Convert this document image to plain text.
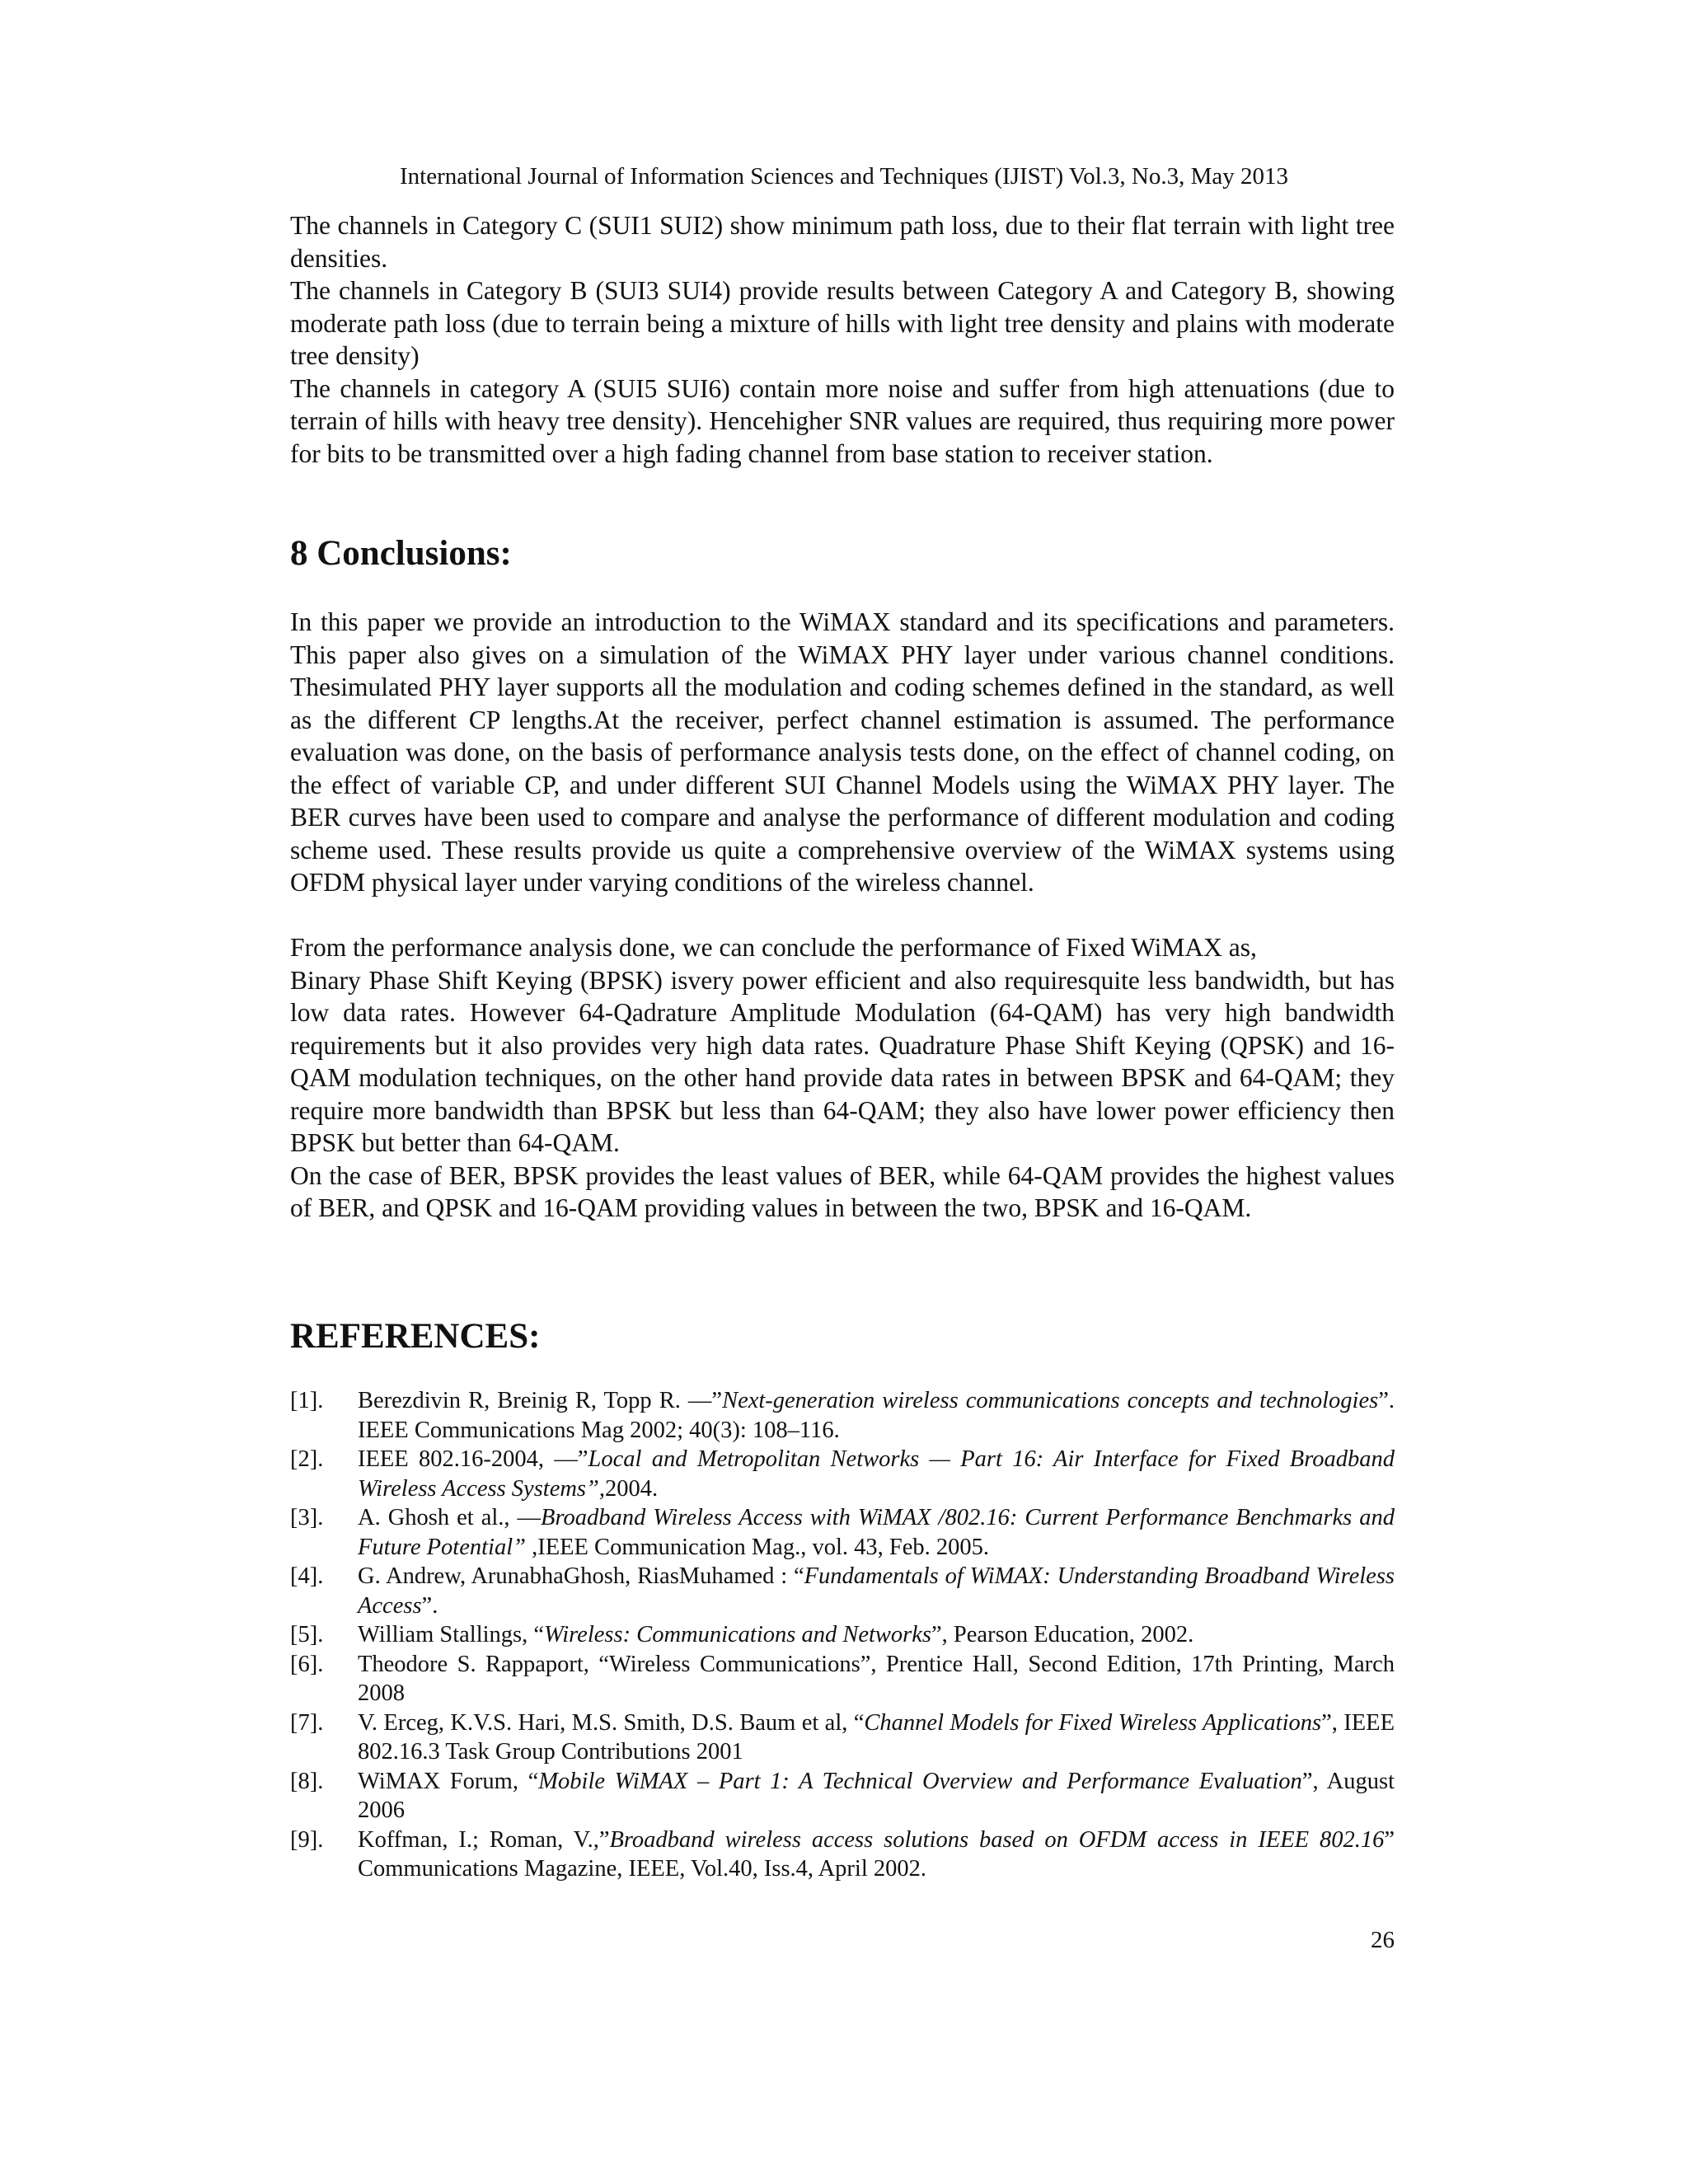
International Journal of Information Sciences and Techniques (IJIST) Vol.3, No.3, May 2013

The channels in Category C (SUI1 SUI2) show minimum path loss, due to their flat terrain with light tree densities.

The channels in Category B (SUI3 SUI4) provide results between Category A and Category B, showing moderate path loss (due to terrain being a mixture of hills with light tree density and plains with moderate tree density)

The channels in category A (SUI5 SUI6) contain more noise and suffer from high attenuations (due to terrain of hills with heavy tree density). Hencehigher SNR values are required, thus requiring more power for bits to be transmitted over a high fading channel from base station to receiver station.

8 Conclusions:

In this paper we provide an introduction to the WiMAX standard and its specifications and parameters. This paper also gives on a simulation of the WiMAX PHY layer under various channel conditions. Thesimulated PHY layer supports all the modulation and coding schemes defined in the standard, as well as the different CP lengths.At the receiver, perfect channel estimation is assumed. The performance evaluation was done, on the basis of performance analysis tests done, on the effect of channel coding, on the effect of variable CP, and under different SUI Channel Models using the WiMAX PHY layer. The BER curves have been used to compare and analyse the performance of different modulation and coding scheme used. These results provide us quite a comprehensive overview of the WiMAX systems using OFDM physical layer under varying conditions of the wireless channel.

From the performance analysis done, we can conclude the performance of Fixed WiMAX as,

Binary Phase Shift Keying (BPSK) isvery power efficient and also requiresquite less bandwidth, but has low data rates. However 64-Qadrature Amplitude Modulation (64-QAM) has very high bandwidth requirements but it also provides very high data rates. Quadrature Phase Shift Keying (QPSK) and 16-QAM modulation techniques, on the other hand provide data rates in between BPSK and 64-QAM; they require more bandwidth than BPSK but less than 64-QAM; they also have lower power efficiency then BPSK but better than 64-QAM.

On the case of BER, BPSK provides the least values of BER, while 64-QAM provides the highest values of BER, and QPSK and 16-QAM providing values in between the two, BPSK and 16-QAM.

REFERENCES:
[1]. Berezdivin R, Breinig R, Topp R. —”Next-generation wireless communications concepts and technologies”. IEEE Communications Mag 2002; 40(3): 108–116.
[2]. IEEE 802.16-2004, —”Local and Metropolitan Networks — Part 16: Air Interface for Fixed Broadband Wireless Access Systems”,2004.
[3]. A. Ghosh et al., —Broadband Wireless Access with WiMAX /802.16: Current Performance Benchmarks and Future Potential” ,IEEE Communication Mag., vol. 43, Feb. 2005.
[4]. G. Andrew, ArunabhaGhosh, RiasMuhamed : “Fundamentals of WiMAX: Understanding Broadband Wireless Access”.
[5]. William Stallings, “Wireless: Communications and Networks”, Pearson Education, 2002.
[6]. Theodore S. Rappaport, “Wireless Communications”, Prentice Hall, Second Edition, 17th Printing, March 2008
[7]. V. Erceg, K.V.S. Hari, M.S. Smith, D.S. Baum et al, “Channel Models for Fixed Wireless Applications”, IEEE 802.16.3 Task Group Contributions 2001
[8]. WiMAX Forum, “Mobile WiMAX – Part 1: A Technical Overview and Performance Evaluation”, August 2006
[9]. Koffman, I.; Roman, V.,”Broadband wireless access solutions based on OFDM access in IEEE 802.16” Communications Magazine, IEEE, Vol.40, Iss.4, April 2002.
26
